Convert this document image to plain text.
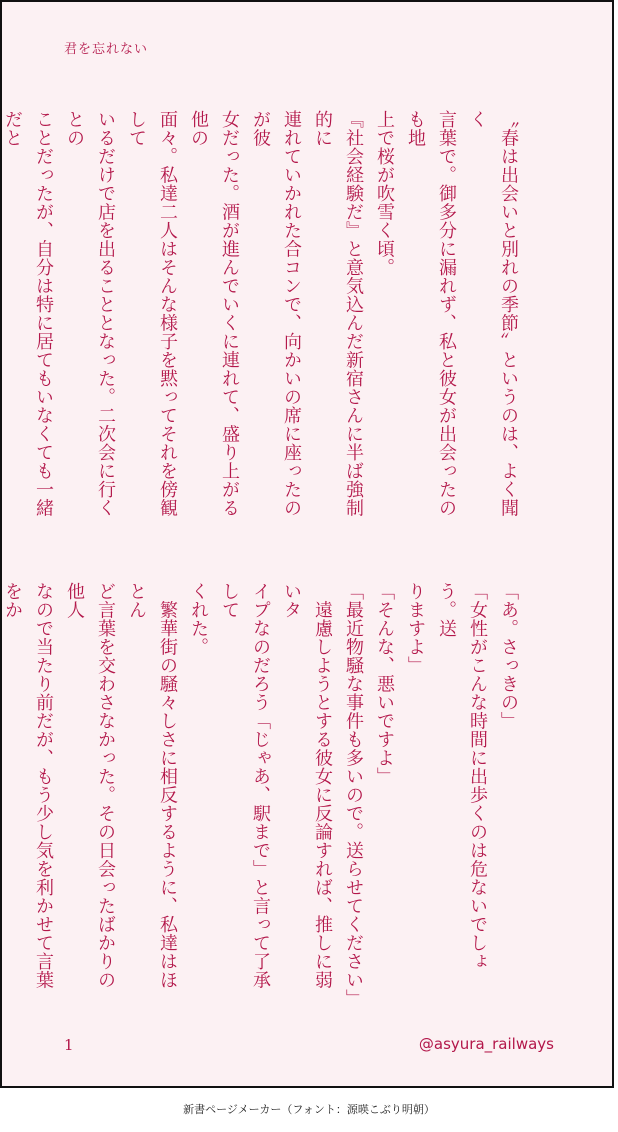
君を忘れない
〝春は出会いと別れの季節〟というのは、よく聞く
言葉で。御多分に漏れず、私と彼女が出会ったのも地
上で桜が吹雪く頃。
『社会経験だ』と意気込んだ新宿さんに半ば強制的に
連れていかれた合コンで、向かいの席に座ったのが彼
女だった。酒が進んでいくに連れて、盛り上がる他の
面々。私達二人はそんな様子を黙ってそれを傍観して
いるだけで店を出ることとなった。二次会に行くとの
ことだったが、自分は特に居てもいなくても一緒だと
「あ。さっきの」
「女性がこんな時間に出歩くのは危ないでしょう。送
りますよ」
「そんな、悪いですよ」
「最近物騒な事件も多いので。送らせてください」
　遠慮しようとする彼女に反論すれば、推しに弱いタ
イプなのだろう「じゃあ、駅まで」と言って了承して
くれた。
　繁華街の騒々しさに相反するように、私達はほとん
ど言葉を交わさなかった。その日会ったばかりの他人
なので当たり前だが、もう少し気を利かせて言葉をか
1	@asyura_railways
新書ページメーカー（フォント：源暎こぶり明朝）
